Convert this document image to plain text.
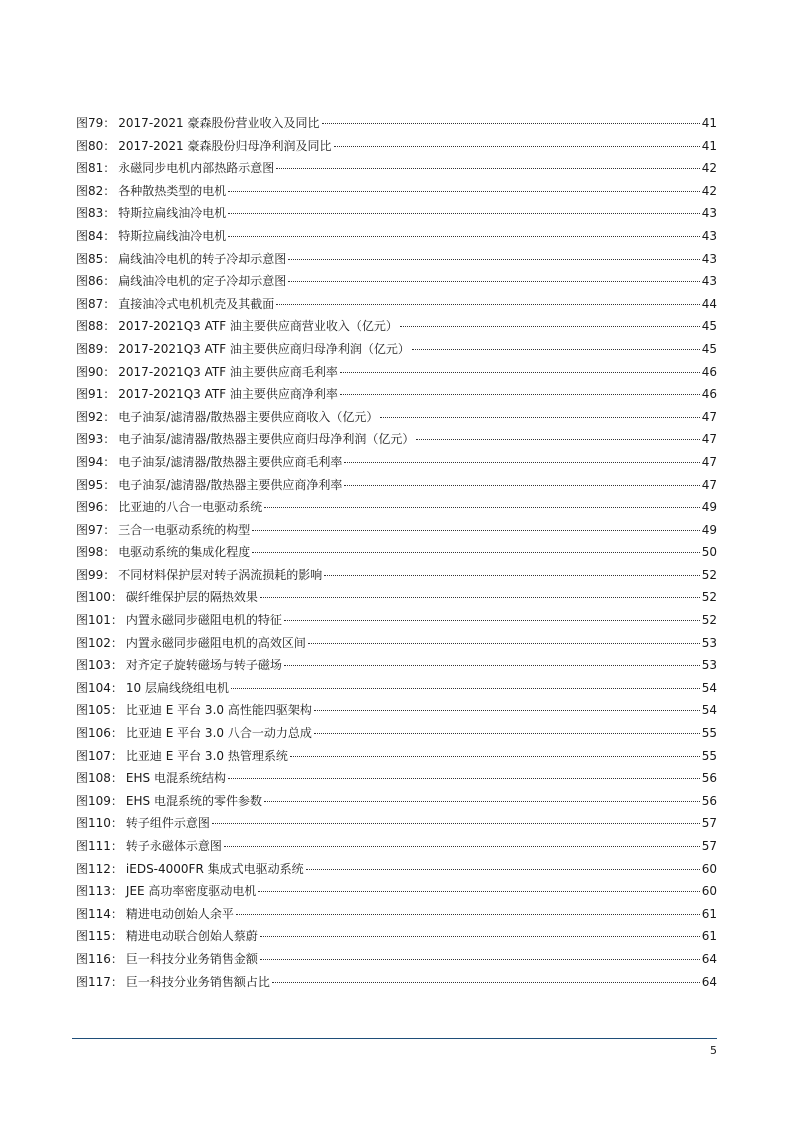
图79： 2017-2021 豪森股份营业收入及同比	41
图80： 2017-2021 豪森股份归母净利润及同比	41
图81： 永磁同步电机内部热路示意图	42
图82： 各种散热类型的电机	42
图83： 特斯拉扁线油冷电机	43
图84： 特斯拉扁线油冷电机	43
图85： 扁线油冷电机的转子冷却示意图	43
图86： 扁线油冷电机的定子冷却示意图	43
图87： 直接油冷式电机机壳及其截面	44
图88： 2017-2021Q3 ATF 油主要供应商营业收入（亿元）	45
图89： 2017-2021Q3 ATF 油主要供应商归母净利润（亿元）	45
图90： 2017-2021Q3 ATF 油主要供应商毛利率	46
图91： 2017-2021Q3 ATF 油主要供应商净利率	46
图92： 电子油泵/滤清器/散热器主要供应商收入（亿元）	47
图93： 电子油泵/滤清器/散热器主要供应商归母净利润（亿元）	47
图94： 电子油泵/滤清器/散热器主要供应商毛利率	47
图95： 电子油泵/滤清器/散热器主要供应商净利率	47
图96： 比亚迪的八合一电驱动系统	49
图97： 三合一电驱动系统的构型	49
图98： 电驱动系统的集成化程度	50
图99： 不同材料保护层对转子涡流损耗的影响	52
图100： 碳纤维保护层的隔热效果	52
图101： 内置永磁同步磁阻电机的特征	52
图102： 内置永磁同步磁阻电机的高效区间	53
图103： 对齐定子旋转磁场与转子磁场	53
图104： 10 层扁线绕组电机	54
图105： 比亚迪 E 平台 3.0 高性能四驱架构	54
图106： 比亚迪 E 平台 3.0 八合一动力总成	55
图107： 比亚迪 E 平台 3.0 热管理系统	55
图108： EHS 电混系统结构	56
图109： EHS 电混系统的零件参数	56
图110： 转子组件示意图	57
图111： 转子永磁体示意图	57
图112： iEDS-4000FR 集成式电驱动系统	60
图113： JEE 高功率密度驱动电机	60
图114： 精进电动创始人余平	61
图115： 精进电动联合创始人蔡蔚	61
图116： 巨一科技分业务销售金额	64
图117： 巨一科技分业务销售额占比	64
5
